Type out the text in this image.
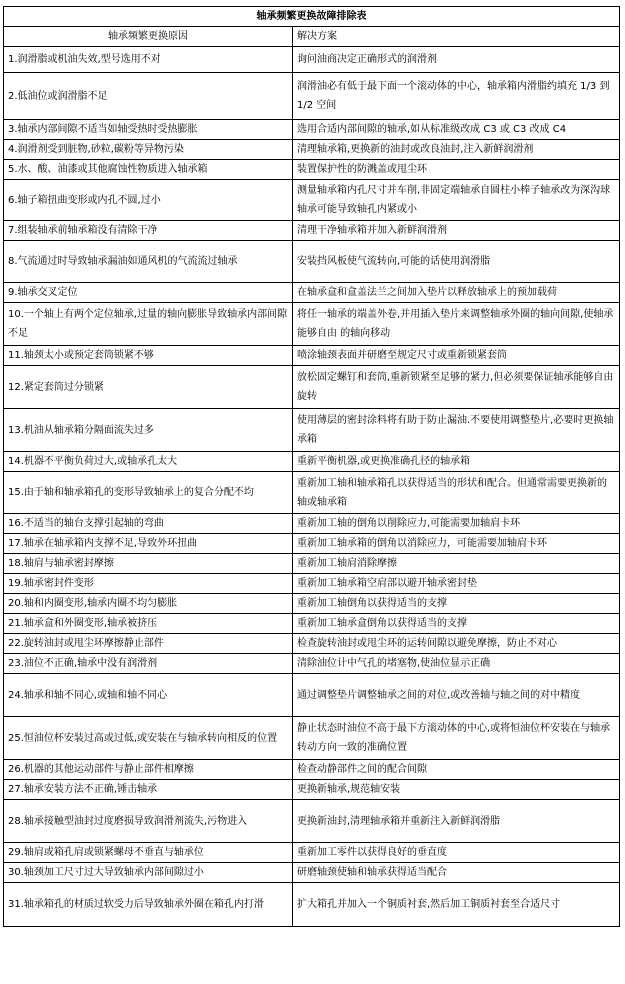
轴承频繁更换故障排除表	
轴承频繁更换原因	解决方案
1.润滑脂或机油失效,型号选用不对	询问油商决定正确形式的润滑剂
2.低油位或润滑脂不足	润滑油必有低于最下面一个滚动体的中心，轴承箱内滑脂约填充 1/3 到 1/2 空间
3.轴承内部间隙不适当如轴受热时受热膨胀	选用合适内部间隙的轴承,如从标准级改成 C3 或 C3 改成 C4
4.润滑剂受到脏物,砂粒,碳粉等异物污染	清理轴承箱,更换新的油封或改良油封,注入新鲜润滑剂
5.水、酸、油漆或其他腐蚀性物质进入轴承箱	装置保护性的防溅盖或甩尘环
6.轴子箱扭曲变形或内孔不圆,过小	测量轴承箱内孔尺寸并车削,非固定端轴承自圆柱小棒子轴承改为深沟球轴承可能导致轴孔内紧或小
7.组装轴承前轴承箱没有清除干净	清理干净轴承箱并加入新鲜润滑剂
8.气流通过时导致轴承漏油如通风机的气流流过轴承	安装挡风板使气流转向,可能的话使用润滑脂
9.轴承交叉定位	在轴承盒和盒盖法兰之间加入垫片以释放轴承上的预加载荷
10.一个轴上有两个定位轴承,过量的轴向膨胀导致轴承内部间隙不足	将任一轴承的端盖外卷,并用插入垫片来调整轴承外圈的轴向间隙,使轴承能够自由 的轴向移动
11.轴颈太小或预定套筒锁紧不够	喷涂轴颈表面并研磨至规定尺寸或重新锁紧套筒
12.紧定套筒过分锁紧	放松固定螺钉和套筒,重新锁紧至足够的紧力,但必须要保证轴承能够自由旋转
13.机油从轴承箱分隔面流失过多	使用薄层的密封涂料将有助于防止漏油.不要使用调整垫片,必要时更换轴承箱
14.机器不平衡负荷过大,或轴承孔太大	重新平衡机器,或更换准确孔径的轴承箱
15.由于轴和轴承箱孔的变形导致轴承上的复合分配不均	重新加工轴和轴承箱孔以获得适当的形状和配合。但通常需要更换新的轴或轴承箱
16.不适当的轴台支撑引起轴的弯曲	重新加工轴的倒角以削除应力,可能需要加轴肩卡环
17.轴承在轴承箱内支撑不足,导致外环扭曲	重新加工轴承箱的倒角以消除应力，可能需要加轴肩卡环
18.轴肩与轴承密封摩擦	重新加工轴肩消除摩擦
19.轴承密封件变形	重新加工轴承箱空肩部以避开轴承密封垫
20.轴和内圈变形,轴承内圈不均匀膨胀	重新加工轴倒角以获得适当的支撑
21.轴承盒和外圈变形,轴承被挤压	重新加工轴承盒倒角以获得适当的支撑
22.旋转油封或甩尘环摩擦静止部件	检查旋转油封或甩尘环的运转间隙以避免摩擦，防止不对心
23.油位不正确,轴承中没有润滑剂	清除油位计中气孔的堵塞物,使油位显示正确
24.轴承和轴不同心,或轴和轴不同心	通过调整垫片调整轴承之间的对位,或改善轴与轴之间的对中精度
25.恒油位杯安装过高或过低,或安装在与轴承转向相反的位置	静止状态时油位不高于最下方滚动体的中心,或将恒油位杯安装在与轴承转动方向一致的准确位置
26.机器的其他运动部件与静止部件相摩擦	检查动静部件之间的配合间隙
27.轴承安装方法不正确,锤击轴承	更换新轴承,规范轴安装
28.轴承接触型油封过度磨损导致润滑剂流失,污物进入	更换新油封,清理轴承箱并重新注入新鲜润滑脂
29.轴肩或箱孔肩或锁紧螺母不垂直与轴承位	重新加工零件以获得良好的垂直度
30.轴颈加工尺寸过大导致轴承内部间隙过小	研磨轴颈使轴和轴承获得适当配合
31.轴承箱孔的材质过软受力后导致轴承外圈在箱孔内打滑	扩大箱孔并加入一个铜质衬套,然后加工铜质衬套至合适尺寸
